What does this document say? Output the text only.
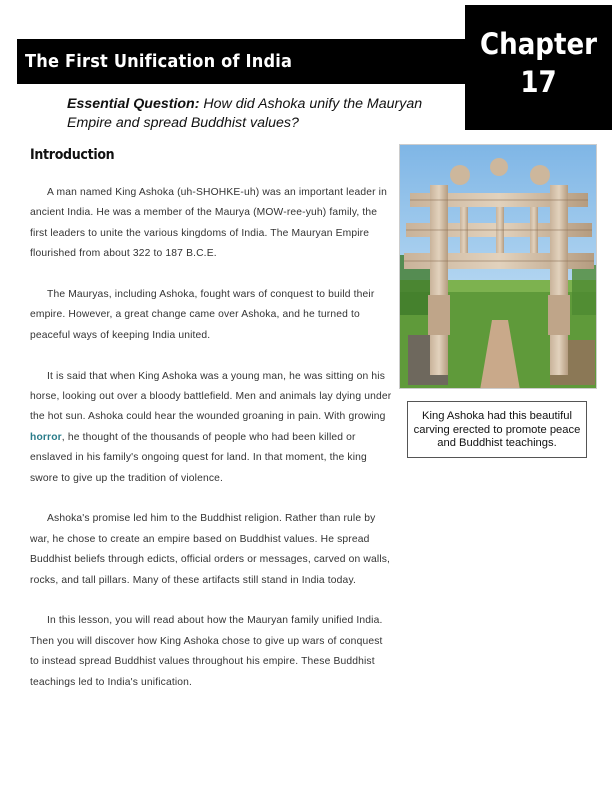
The First Unification of India
Chapter
17
Essential Question: How did Ashoka unify the Mauryan Empire and spread Buddhist values?
Introduction

A man named King Ashoka (uh-SHOHKE-uh) was an important leader in ancient India. He was a member of the Maurya (MOW-ree-yuh) family, the first leaders to unite the various kingdoms of India. The Mauryan Empire flourished from about 322 to 187 B.C.E.

The Mauryas, including Ashoka, fought wars of conquest to build their empire. However, a great change came over Ashoka, and he turned to peaceful ways of keeping India united.

It is said that when King Ashoka was a young man, he was sitting on his horse, looking out over a bloody battlefield. Men and animals lay dying under the hot sun. Ashoka could hear the wounded groaning in pain. With growing horror, he thought of the thousands of people who had been killed or enslaved in his family's ongoing quest for land. In that moment, the king swore to give up the tradition of violence.

Ashoka's promise led him to the Buddhist religion. Rather than rule by war, he chose to create an empire based on Buddhist values. He spread Buddhist beliefs through edicts, official orders or messages, carved on walls, rocks, and tall pillars. Many of these artifacts still stand in India today.

In this lesson, you will read about how the Mauryan family unified India. Then you will discover how King Ashoka chose to give up wars of conquest to instead spread Buddhist values throughout his empire. These Buddhist teachings led to India's unification.

King Ashoka had this beautiful carving erected to promote peace and Buddhist teachings.
